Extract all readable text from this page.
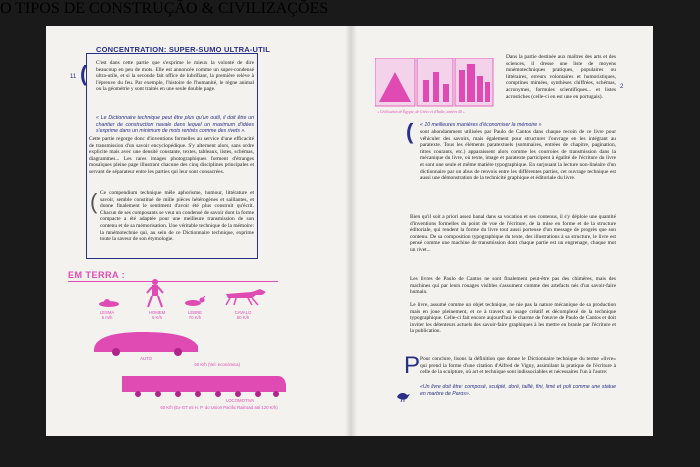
CONCENTRATION: SUPER-SUMO ULTRA-UTIL
11 ( C'est dans cette partie que s'exprime le mieux la volonté de dire beaucoup en peu de mots. Elle est annoncée comme un super-condensé ultra-utile, et si la seconde fait office de lubrifiant, la première relève à l'épreuve du feu. Par exemple, l'histoire de l'humanité, le règne animal ou la géométrie y sont traités en une seule double page.

« Le Dictionnaire technique peut être plus qu'un outil, il doit être un chantier de construction navale dans lequel un maximum d'idées s'exprime dans un minimum de mots rentrés comme des rivets ».

Cette partie regorge donc d'inventions formelles au service d'une efficacité de transmission d'un savoir encyclopédique. S'y alternent alors, sans ordre explicite mais avec une densité constante, textes, tableaux, listes, schémas, diagrammes... Les rares images photographiques forment d'étranges mosaïques pleine page illustrant chacune des cinq disciplines principales et servant de séparateur entre les parties qui leur sont consacrées.

( Ce compendium technique mêle aphorisme, humour, littérature et savoir, semble constitué de mille pièces hétérogènes et saillantes, et donne finalement le sentiment d'avoir été plus construit qu'écrit. Chacun de ses composants se veut un condensé de savoir dont la forme compacte a été adaptée pour une meilleure transmission de son contenu et de sa mémorisation. Une véritable technique de la mémoire: la mnémotechnie qui, au sein de ce Dictionnaire technique, exprime toute la saveur de son étymologie.

EM TERRA :
LESMA
5 m/h
HOMEM
6 K/h
LEBRE
70 K/h
CAVALO
60 K/h
AUTO
60 K/h (Vel. económica)
LOCOMOTIVA
60 K/h (Ex-GT ml H. P. do Union Pacific Railroad até 120 K/h)
2
O TIPOS DE CONSTRUÇÃO & CIVILIZAÇÕES
« Civilisation de Égypte, de Grèce et d'Italie, années 40 »

Dans la partie destinée aux maîtres des arts et des sciences, il dresse une liste de moyens mnémotechniques pratiques, populaires ou littéraires, erreurs volontaires et humoristiques, comptines mimées, synthèses chiffrées, schémas, acronymes, formules scientifiques... et listes acrostiches (celle-ci en est une en portugais).

( « 10 meilleures manières d'économiser la mémoire »

sont abondamment utilisées par Paulo de Cantos dans chaque recoin de ce livre pour véhiculer des savoirs, mais également pour structurer l'ouvrage en les intégrant au paratexte. Tous les éléments paratextuels (sommaires, entrées de chapitre, pagination, titres courants, etc.) apparaissent alors comme les courroies de transmission dans la mécanique du livre, où texte, image et paratexte participent à égalité de l'écriture du livre et sont une seule et même matière typographique. En surjouant la lecture non-linéaire d'un dictionnaire par un abus de renvois entre les différentes parties, cet ouvrage technique est aussi une démonstration de la technicité graphique et éditoriale du livre.

Bien qu'il soit a priori assez banal dans sa vocation et ses contenus, il s'y déploie une quantité d'inventions formelles du point de vue de l'écriture, de la mise en forme et de la structure éditoriale, qui rendent la forme du livre tout aussi porteuse d'un message de progrès que son contenu. De sa composition typographique du texte, des illustrations à sa structure, le livre est pensé comme une machine de transmission dont chaque partie est un engrenage, chaque mot un rivet...

Les livres de Paulo de Cantos ne sont finalement peut-être pas des chimères, mais des machines qui par leurs rouages visibles s'assument comme des artefacts nés d'un savoir-faire humain.

Le livre, assumé comme un objet technique, ne nie pas la nature mécanique de sa production mais en joue pleinement, et ce à travers un usage créatif et décomplexé de la technique typographique. Celle-ci fait encore aujourd'hui le charme de l'œuvre de Paulo de Cantos et doit inviter les détenteurs actuels des savoir-faire graphiques à les mettre en branle par l'écriture et la publication.

P Pour conclure, lisons la définition que donne le Dictionnaire technique du terme «livre» qui prend la forme d'une citation d'Alfred de Vigny, assimilant la pratique de l'écriture à celle de la sculpture, où art et technique sont indissociables et nécessaires l'un à l'autre:

«Un livre doit être: composé, sculpté, doré, taillé, fini, limé et poli comme une statue en marbre de Paros».
